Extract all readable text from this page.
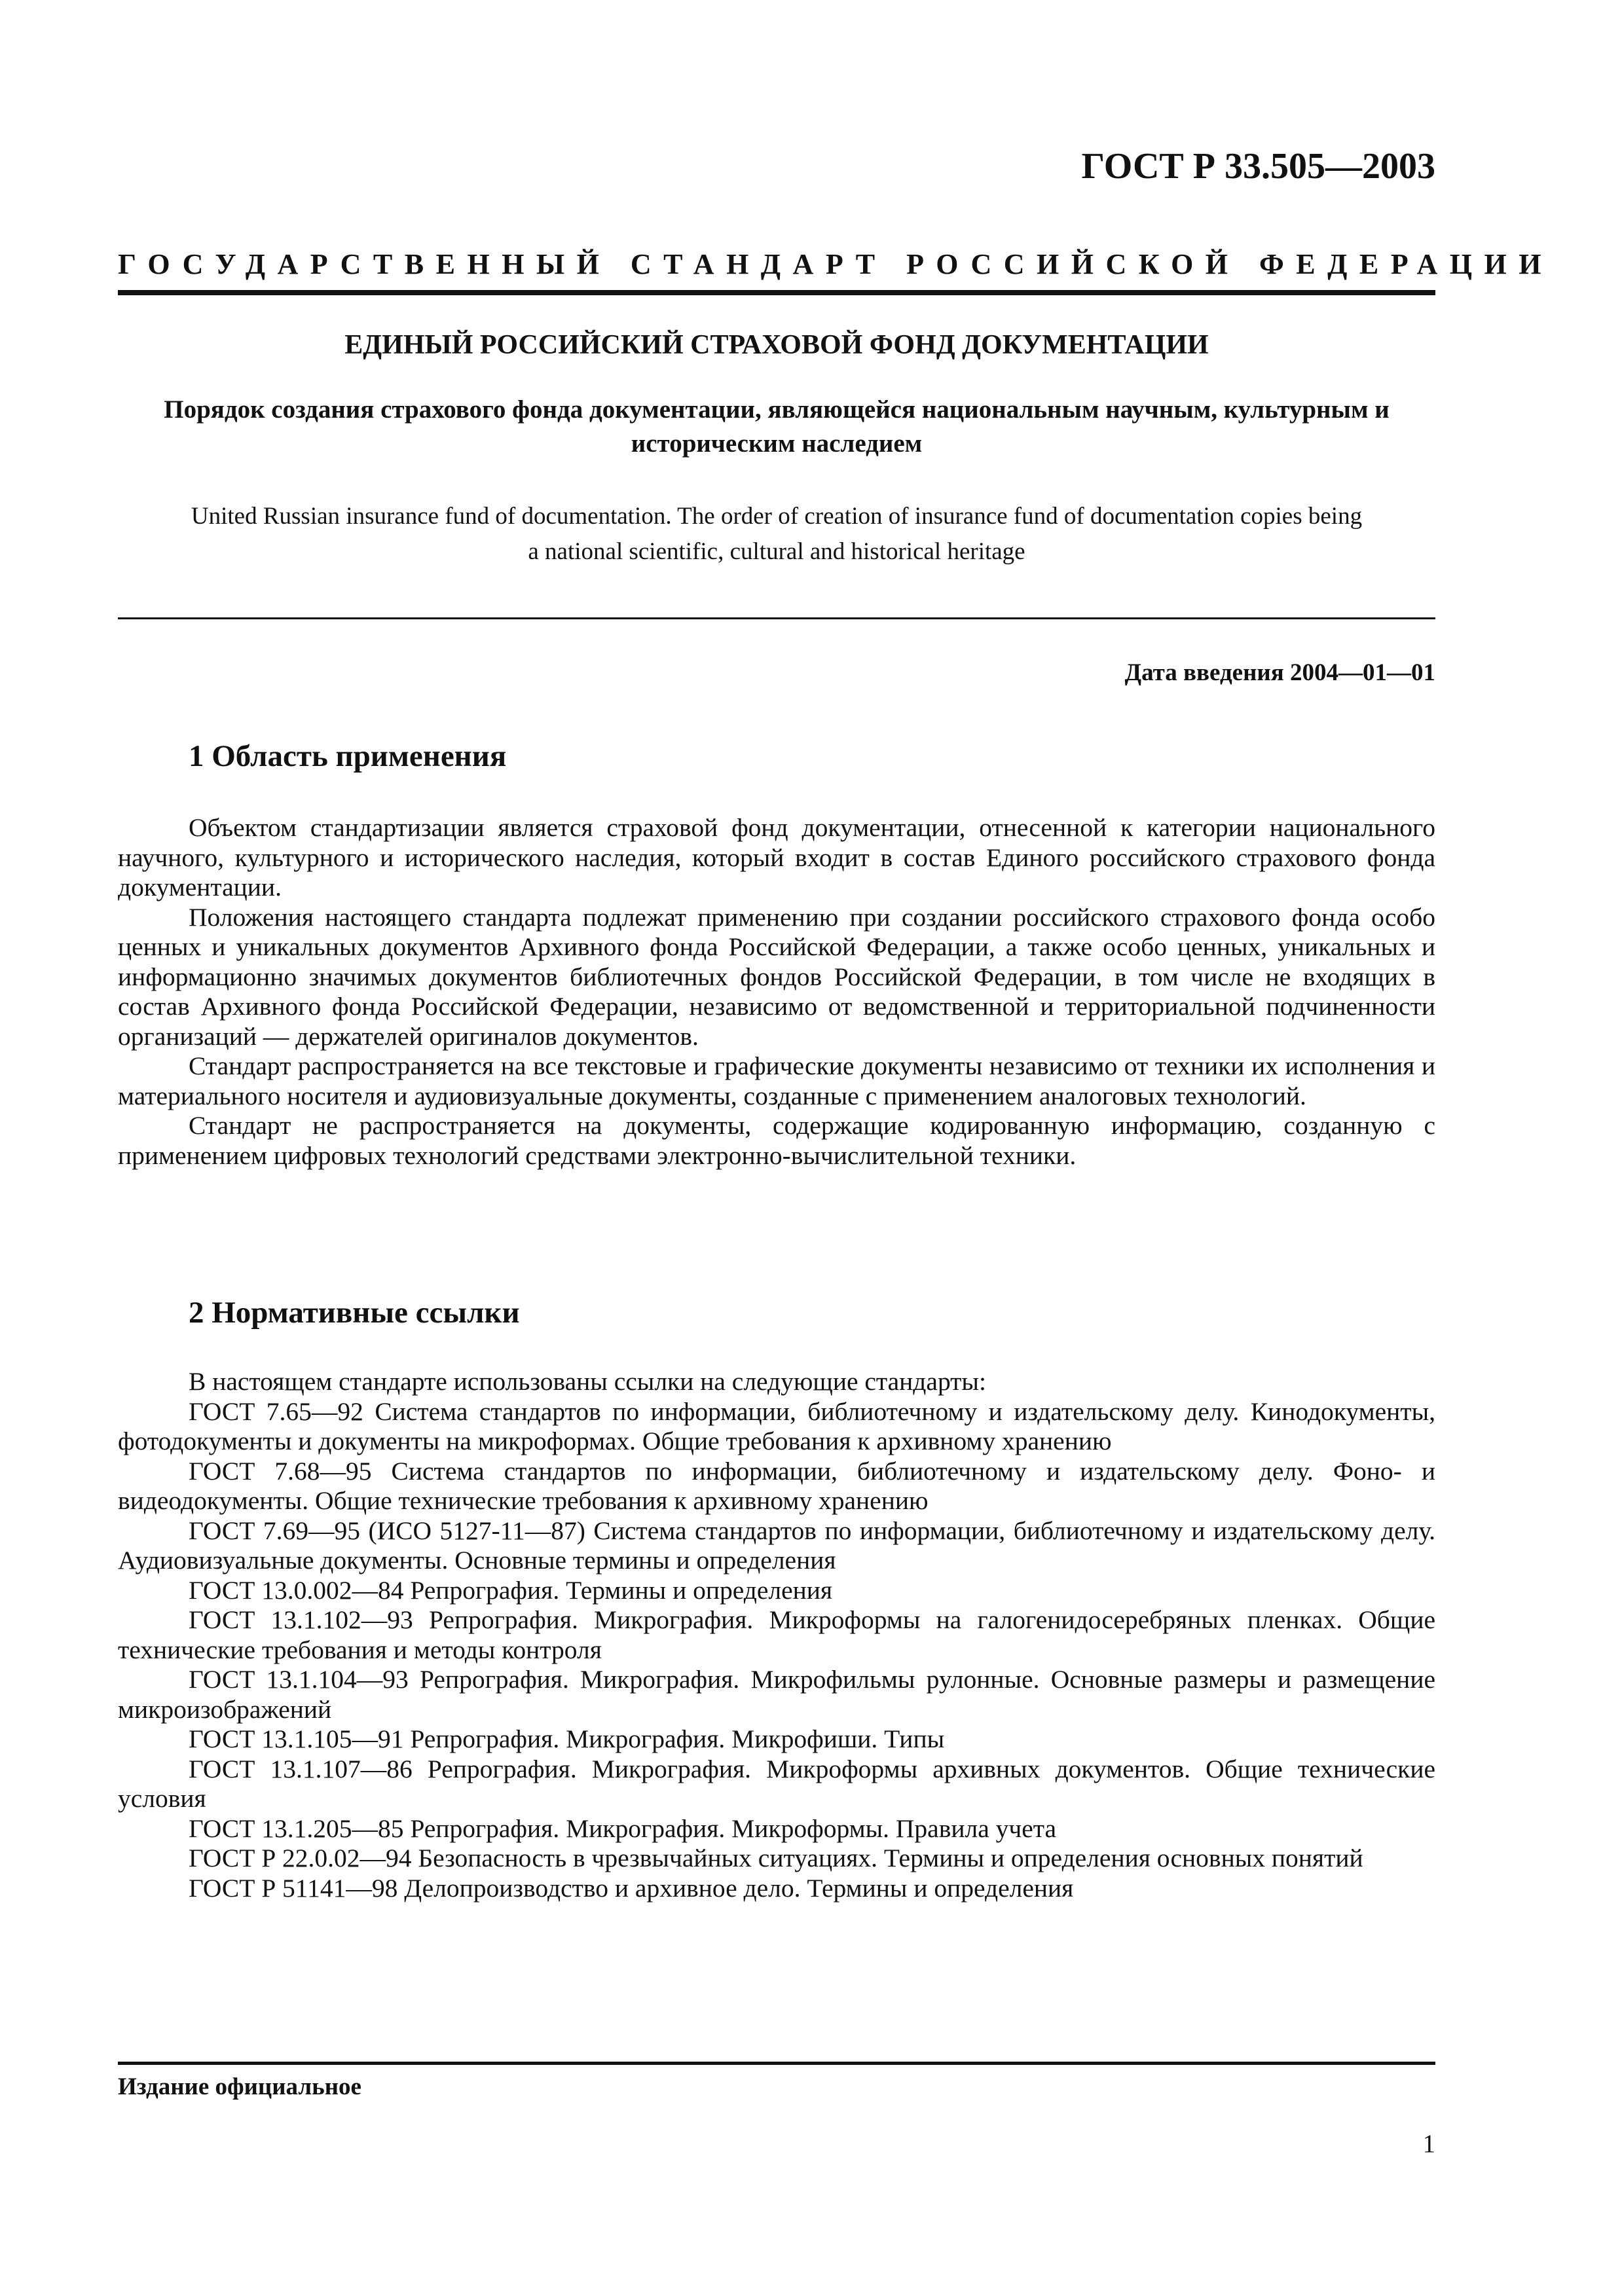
ГОСТ Р 33.505—2003

ГОСУДАРСТВЕННЫЙ СТАНДАРТ РОССИЙСКОЙ ФЕДЕРАЦИИ

ЕДИНЫЙ РОССИЙСКИЙ СТРАХОВОЙ ФОНД ДОКУМЕНТАЦИИ

Порядок создания страхового фонда документации, являющейся национальным научным, культурным и историческим наследием

United Russian insurance fund of documentation. The order of creation of insurance fund of documentation copies being a national scientific, cultural and historical heritage

Дата введения 2004—01—01

1 Область применения

Объектом стандартизации является страховой фонд документации, отнесенной к категории национального научного, культурного и исторического наследия, который входит в состав Единого российского страхового фонда документации.

Положения настоящего стандарта подлежат применению при создании российского страхового фонда особо ценных и уникальных документов Архивного фонда Российской Федерации, а также особо ценных, уникальных и информационно значимых документов библиотечных фондов Российской Федерации, в том числе не входящих в состав Архивного фонда Российской Федерации, независимо от ведомственной и территориальной подчиненности организаций — держателей оригиналов документов.

Стандарт распространяется на все текстовые и графические документы независимо от техники их исполнения и материального носителя и аудиовизуальные документы, созданные с применением аналоговых технологий.

Стандарт не распространяется на документы, содержащие кодированную информацию, созданную с применением цифровых технологий средствами электронно-вычислительной техники.

2 Нормативные ссылки

В настоящем стандарте использованы ссылки на следующие стандарты:

ГОСТ 7.65—92 Система стандартов по информации, библиотечному и издательскому делу. Кинодокументы, фотодокументы и документы на микроформах. Общие требования к архивному хранению

ГОСТ 7.68—95 Система стандартов по информации, библиотечному и издательскому делу. Фоно- и видеодокументы. Общие технические требования к архивному хранению

ГОСТ 7.69—95 (ИСО 5127-11—87) Система стандартов по информации, библиотечному и издательскому делу. Аудиовизуальные документы. Основные термины и определения

ГОСТ 13.0.002—84 Репрография. Термины и определения

ГОСТ 13.1.102—93 Репрография. Микрография. Микроформы на галогенидосеребряных пленках. Общие технические требования и методы контроля

ГОСТ 13.1.104—93 Репрография. Микрография. Микрофильмы рулонные. Основные размеры и размещение микроизображений

ГОСТ 13.1.105—91 Репрография. Микрография. Микрофиши. Типы

ГОСТ 13.1.107—86 Репрография. Микрография. Микроформы архивных документов. Общие технические условия

ГОСТ 13.1.205—85 Репрография. Микрография. Микроформы. Правила учета

ГОСТ Р 22.0.02—94 Безопасность в чрезвычайных ситуациях. Термины и определения основных понятий

ГОСТ Р 51141—98 Делопроизводство и архивное дело. Термины и определения

Издание официальное

1
